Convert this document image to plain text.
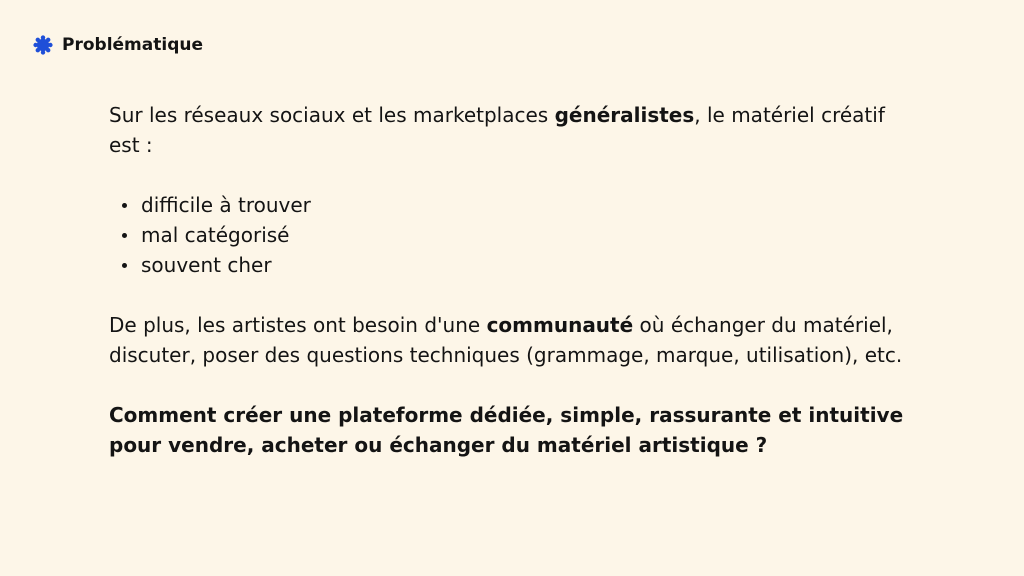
Problématique

Sur les réseaux sociaux et les marketplaces généralistes, le matériel créatif est :

difficile à trouver
mal catégorisé
souvent cher

De plus, les artistes ont besoin d'une communauté où échanger du matériel, discuter, poser des questions techniques (grammage, marque, utilisation), etc.

Comment créer une plateforme dédiée, simple, rassurante et intuitive pour vendre, acheter ou échanger du matériel artistique ?
